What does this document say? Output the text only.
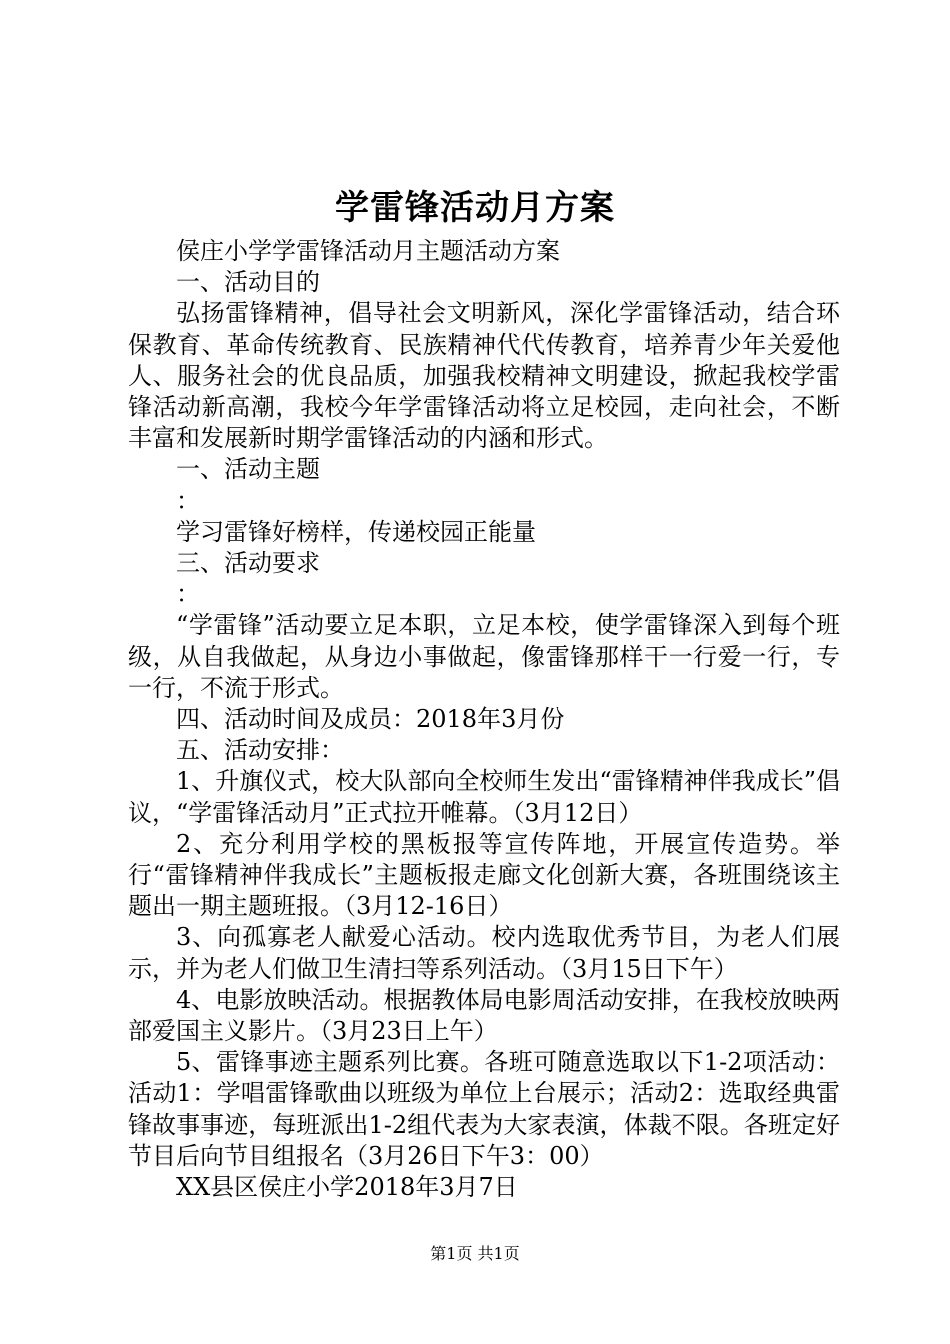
学雷锋活动月方案

侯庄小学学雷锋活动月主题活动方案

一、活动目的

弘扬雷锋精神，倡导社会文明新风，深化学雷锋活动，结合环保教育、革命传统教育、民族精神代代传教育，培养青少年关爱他人、服务社会的优良品质，加强我校精神文明建设，掀起我校学雷锋活动新高潮，我校今年学雷锋活动将立足校园，走向社会，不断丰富和发展新时期学雷锋活动的内涵和形式。

一、活动主题

：

学习雷锋好榜样，传递校园正能量

三、活动要求

：

“学雷锋”活动要立足本职，立足本校，使学雷锋深入到每个班级，从自我做起，从身边小事做起，像雷锋那样干一行爱一行，专一行，不流于形式。

四、活动时间及成员：2018年3月份

五、活动安排：

1、升旗仪式，校大队部向全校师生发出“雷锋精神伴我成长”倡议，“学雷锋活动月”正式拉开帷幕。（3月12日）

2、充分利用学校的黑板报等宣传阵地，开展宣传造势。举行“雷锋精神伴我成长”主题板报走廊文化创新大赛，各班围绕该主题出一期主题班报。（3月12-16日）

3、向孤寡老人献爱心活动。校内选取优秀节目，为老人们展示，并为老人们做卫生清扫等系列活动。（3月15日下午）

4、电影放映活动。根据教体局电影周活动安排，在我校放映两部爱国主义影片。（3月23日上午）

5、雷锋事迹主题系列比赛。各班可随意选取以下1-2项活动：活动1：学唱雷锋歌曲以班级为单位上台展示；活动2：选取经典雷锋故事事迹，每班派出1-2组代表为大家表演，体裁不限。各班定好节目后向节目组报名（3月26日下午3：00）

XX县区侯庄小学2018年3月7日

第1页 共1页
